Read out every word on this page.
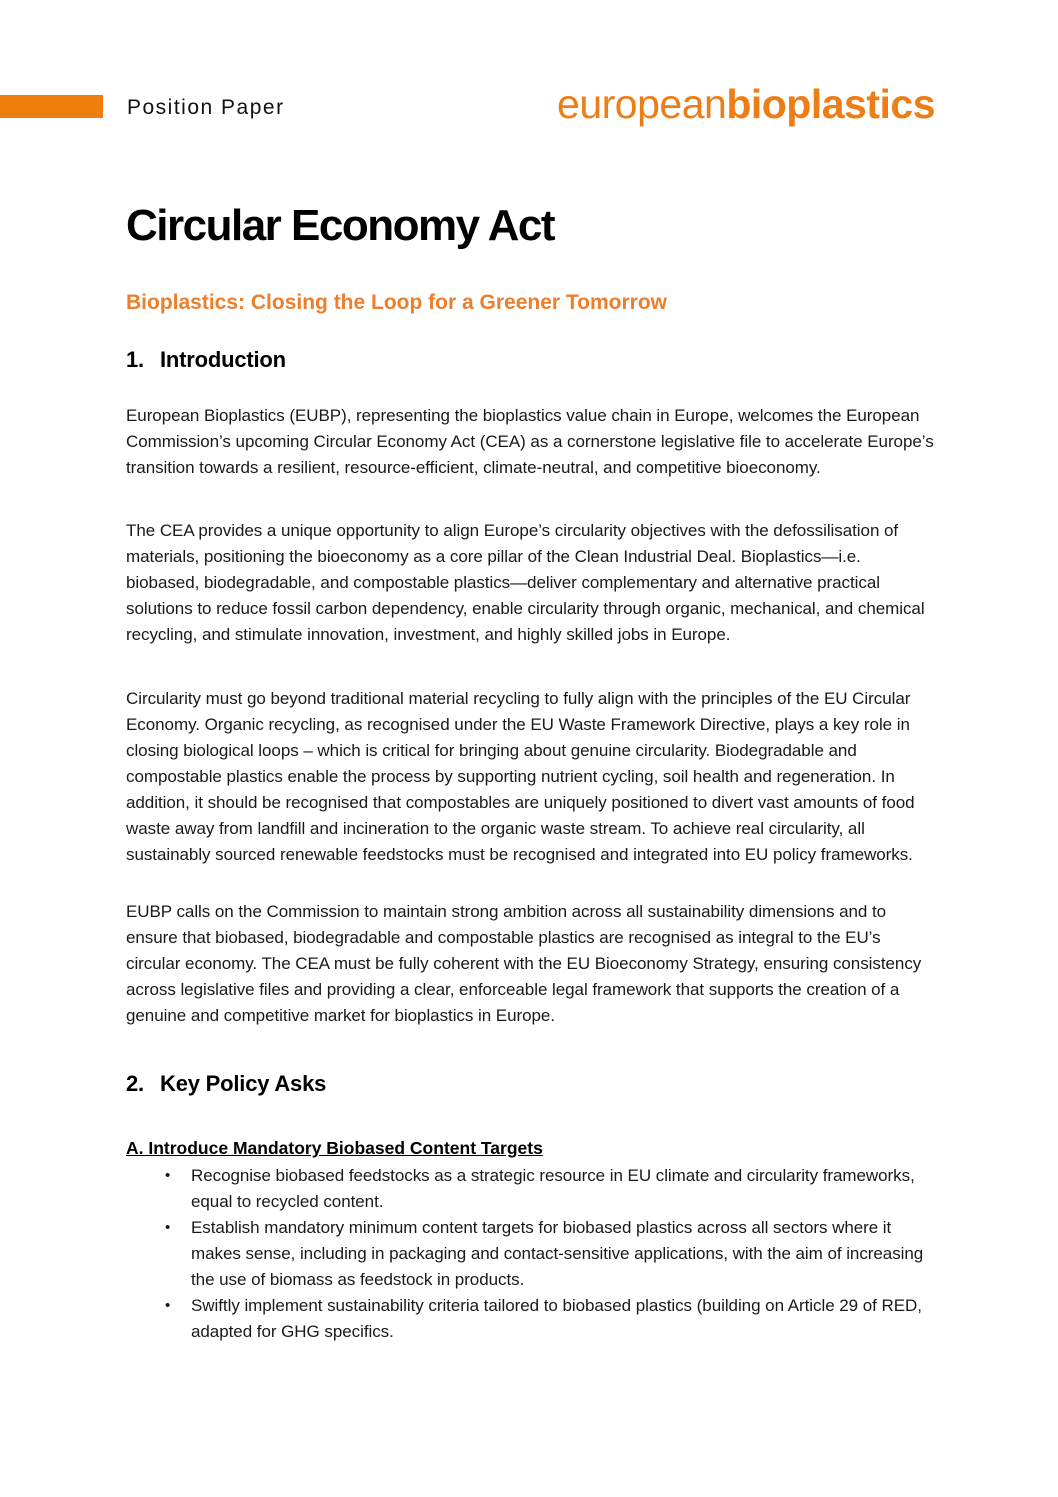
Position Paper	europeanbioplastics
Circular Economy Act
Bioplastics: Closing the Loop for a Greener Tomorrow
1. Introduction

European Bioplastics (EUBP), representing the bioplastics value chain in Europe, welcomes the European Commission’s upcoming Circular Economy Act (CEA) as a cornerstone legislative file to accelerate Europe’s transition towards a resilient, resource-efficient, climate-neutral, and competitive bioeconomy.

The CEA provides a unique opportunity to align Europe’s circularity objectives with the defossilisation of materials, positioning the bioeconomy as a core pillar of the Clean Industrial Deal. Bioplastics—i.e. biobased, biodegradable, and compostable plastics—deliver complementary and alternative practical solutions to reduce fossil carbon dependency, enable circularity through organic, mechanical, and chemical recycling, and stimulate innovation, investment, and highly skilled jobs in Europe.

Circularity must go beyond traditional material recycling to fully align with the principles of the EU Circular Economy. Organic recycling, as recognised under the EU Waste Framework Directive, plays a key role in closing biological loops – which is critical for bringing about genuine circularity. Biodegradable and compostable plastics enable the process by supporting nutrient cycling, soil health and regeneration. In addition, it should be recognised that compostables are uniquely positioned to divert vast amounts of food waste away from landfill and incineration to the organic waste stream. To achieve real circularity, all sustainably sourced renewable feedstocks must be recognised and integrated into EU policy frameworks.

EUBP calls on the Commission to maintain strong ambition across all sustainability dimensions and to ensure that biobased, biodegradable and compostable plastics are recognised as integral to the EU’s circular economy. The CEA must be fully coherent with the EU Bioeconomy Strategy, ensuring consistency across legislative files and providing a clear, enforceable legal framework that supports the creation of a genuine and competitive market for bioplastics in Europe.

2. Key Policy Asks
A. Introduce Mandatory Biobased Content Targets
•	Recognise biobased feedstocks as a strategic resource in EU climate and circularity frameworks, equal to recycled content.
•	Establish mandatory minimum content targets for biobased plastics across all sectors where it makes sense, including in packaging and contact-sensitive applications, with the aim of increasing the use of biomass as feedstock in products.
•	Swiftly implement sustainability criteria tailored to biobased plastics (building on Article 29 of RED, adapted for GHG specifics.
